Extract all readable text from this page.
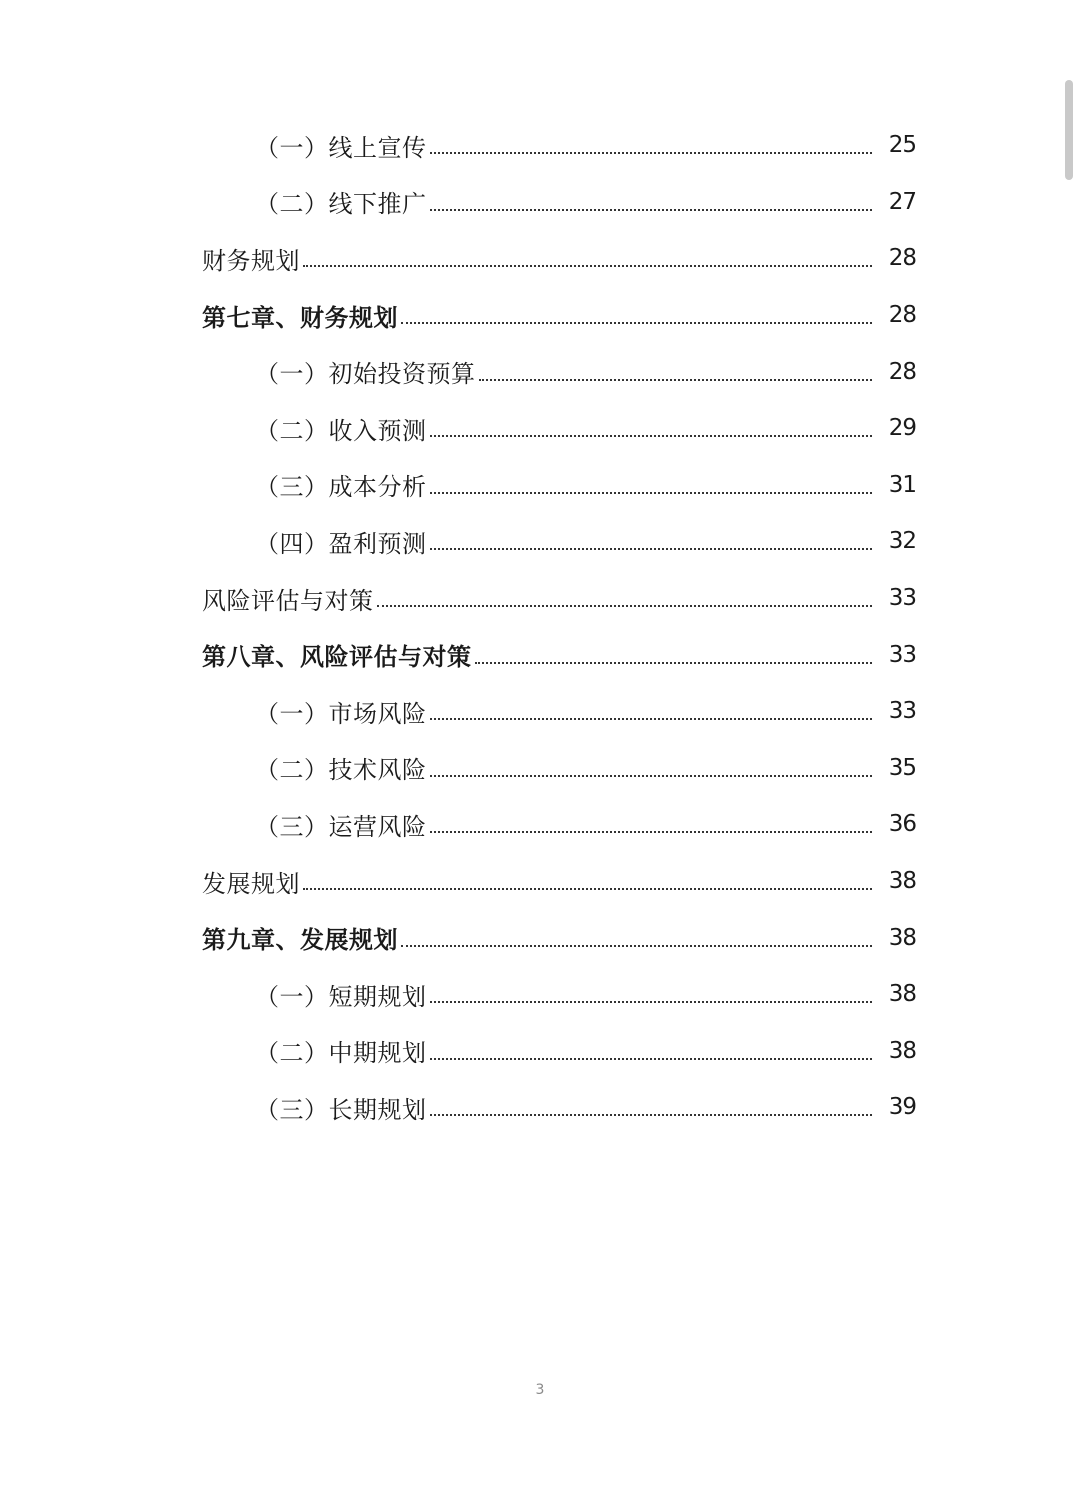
（一）线上宣传	25
（二）线下推广	27
财务规划	28
第七章、财务规划	28
（一）初始投资预算	28
（二）收入预测	29
（三）成本分析	31
（四）盈利预测	32
风险评估与对策	33
第八章、风险评估与对策	33
（一）市场风险	33
（二）技术风险	35
（三）运营风险	36
发展规划	38
第九章、发展规划	38
（一）短期规划	38
（二）中期规划	38
（三）长期规划	39
3
